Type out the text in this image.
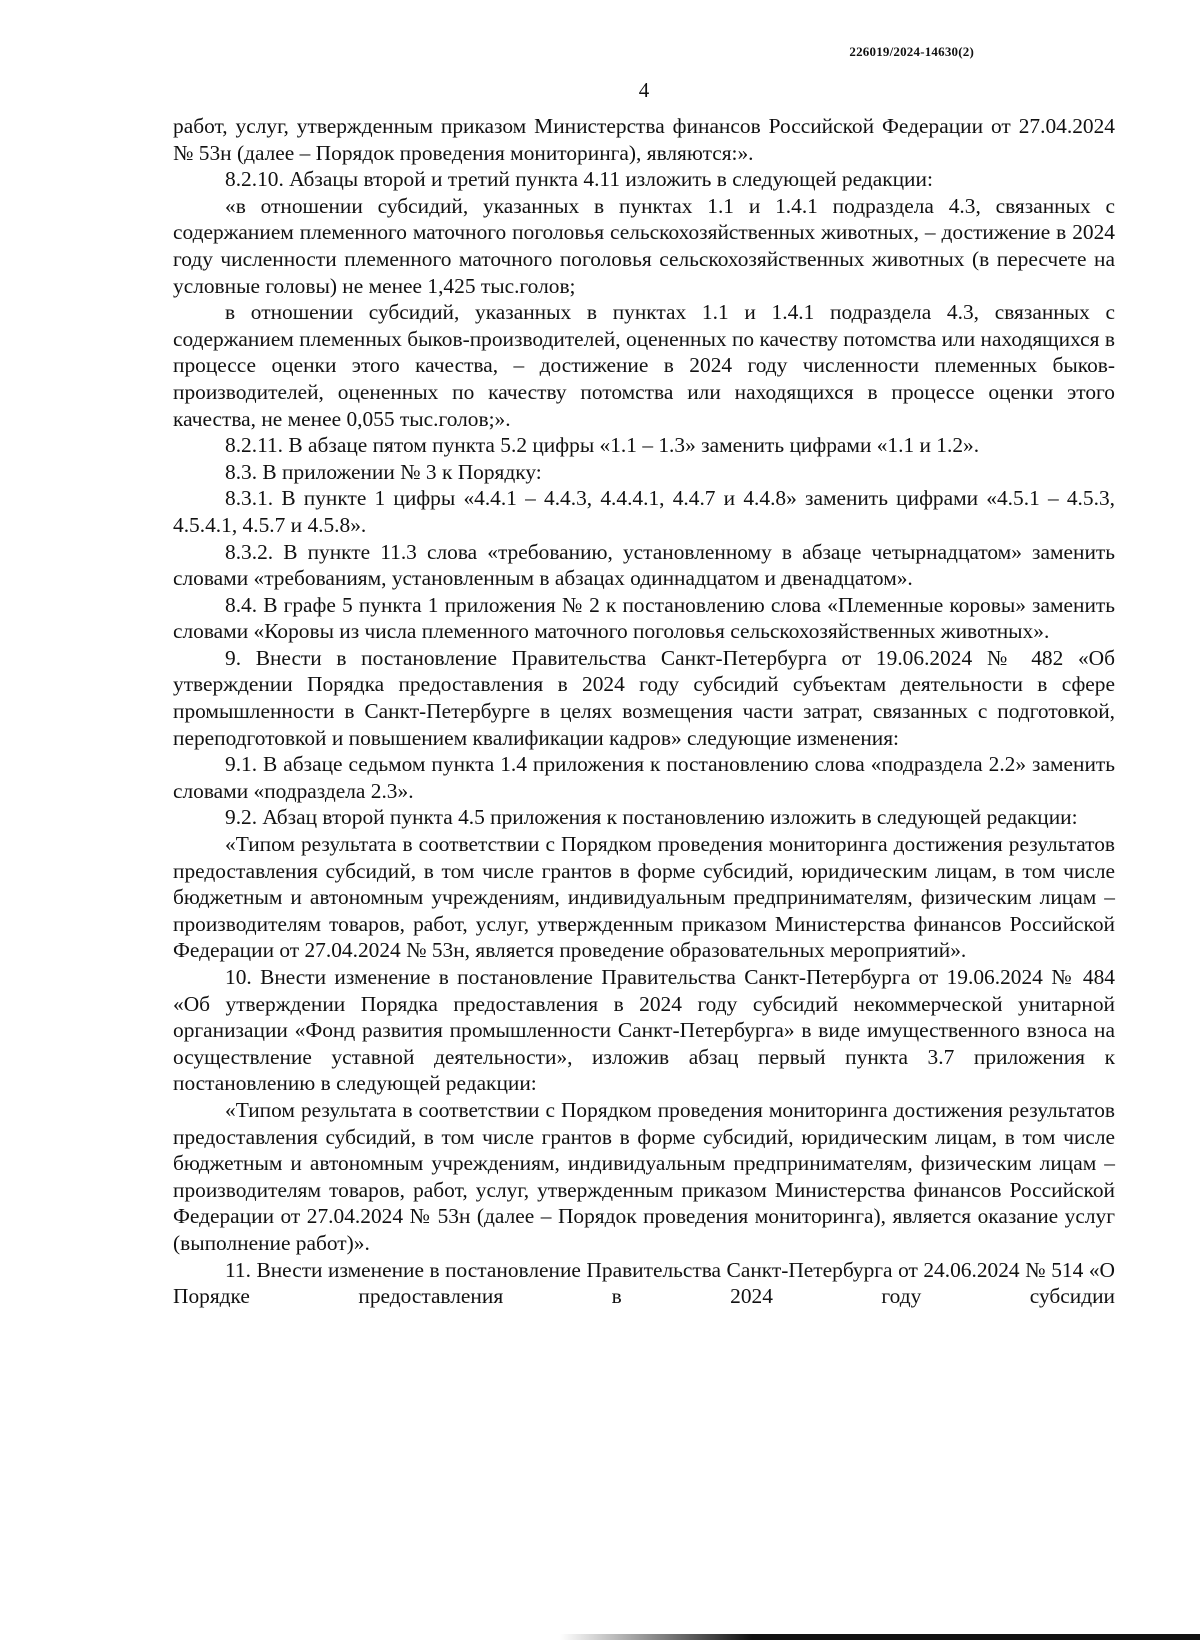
226019/2024-14630(2)
4

работ, услуг, утвержденным приказом Министерства финансов Российской Федерации от 27.04.2024 № 53н (далее – Порядок проведения мониторинга), являются:».

8.2.10. Абзацы второй и третий пункта 4.11 изложить в следующей редакции:

«в отношении субсидий, указанных в пунктах 1.1 и 1.4.1 подраздела 4.3, связанных с содержанием племенного маточного поголовья сельскохозяйственных животных, – достижение в 2024 году численности племенного маточного поголовья сельскохозяйственных животных (в пересчете на условные головы) не менее 1,425 тыс.голов;

в отношении субсидий, указанных в пунктах 1.1 и 1.4.1 подраздела 4.3, связанных с содержанием племенных быков-производителей, оцененных по качеству потомства или находящихся в процессе оценки этого качества, – достижение в 2024 году численности племенных быков-производителей, оцененных по качеству потомства или находящихся в процессе оценки этого качества, не менее 0,055 тыс.голов;».

8.2.11. В абзаце пятом пункта 5.2 цифры «1.1 – 1.3» заменить цифрами «1.1 и 1.2».

8.3. В приложении № 3 к Порядку:

8.3.1. В пункте 1 цифры «4.4.1 – 4.4.3, 4.4.4.1, 4.4.7 и 4.4.8» заменить цифрами «4.5.1 – 4.5.3, 4.5.4.1, 4.5.7 и 4.5.8».

8.3.2. В пункте 11.3 слова «требованию, установленному в абзаце четырнадцатом» заменить словами «требованиям, установленным в абзацах одиннадцатом и двенадцатом».

8.4. В графе 5 пункта 1 приложения № 2 к постановлению слова «Племенные коровы» заменить словами «Коровы из числа племенного маточного поголовья сельскохозяйственных животных».

9. Внести в постановление Правительства Санкт-Петербурга от 19.06.2024 № 482 «Об утверждении Порядка предоставления в 2024 году субсидий субъектам деятельности в сфере промышленности в Санкт-Петербурге в целях возмещения части затрат, связанных с подготовкой, переподготовкой и повышением квалификации кадров» следующие изменения:

9.1. В абзаце седьмом пункта 1.4 приложения к постановлению слова «подраздела 2.2» заменить словами «подраздела 2.3».

9.2. Абзац второй пункта 4.5 приложения к постановлению изложить в следующей редакции:

«Типом результата в соответствии с Порядком проведения мониторинга достижения результатов предоставления субсидий, в том числе грантов в форме субсидий, юридическим лицам, в том числе бюджетным и автономным учреждениям, индивидуальным предпринимателям, физическим лицам – производителям товаров, работ, услуг, утвержденным приказом Министерства финансов Российской Федерации от 27.04.2024 № 53н, является проведение образовательных мероприятий».

10. Внести изменение в постановление Правительства Санкт-Петербурга от 19.06.2024 № 484 «Об утверждении Порядка предоставления в 2024 году субсидий некоммерческой унитарной организации «Фонд развития промышленности Санкт-Петербурга» в виде имущественного взноса на осуществление уставной деятельности», изложив абзац первый пункта 3.7 приложения к постановлению в следующей редакции:

«Типом результата в соответствии с Порядком проведения мониторинга достижения результатов предоставления субсидий, в том числе грантов в форме субсидий, юридическим лицам, в том числе бюджетным и автономным учреждениям, индивидуальным предпринимателям, физическим лицам – производителям товаров, работ, услуг, утвержденным приказом Министерства финансов Российской Федерации от 27.04.2024 № 53н (далее – Порядок проведения мониторинга), является оказание услуг (выполнение работ)».

11. Внести изменение в постановление Правительства Санкт-Петербурга от 24.06.2024 № 514 «О Порядке предоставления в 2024 году субсидии
